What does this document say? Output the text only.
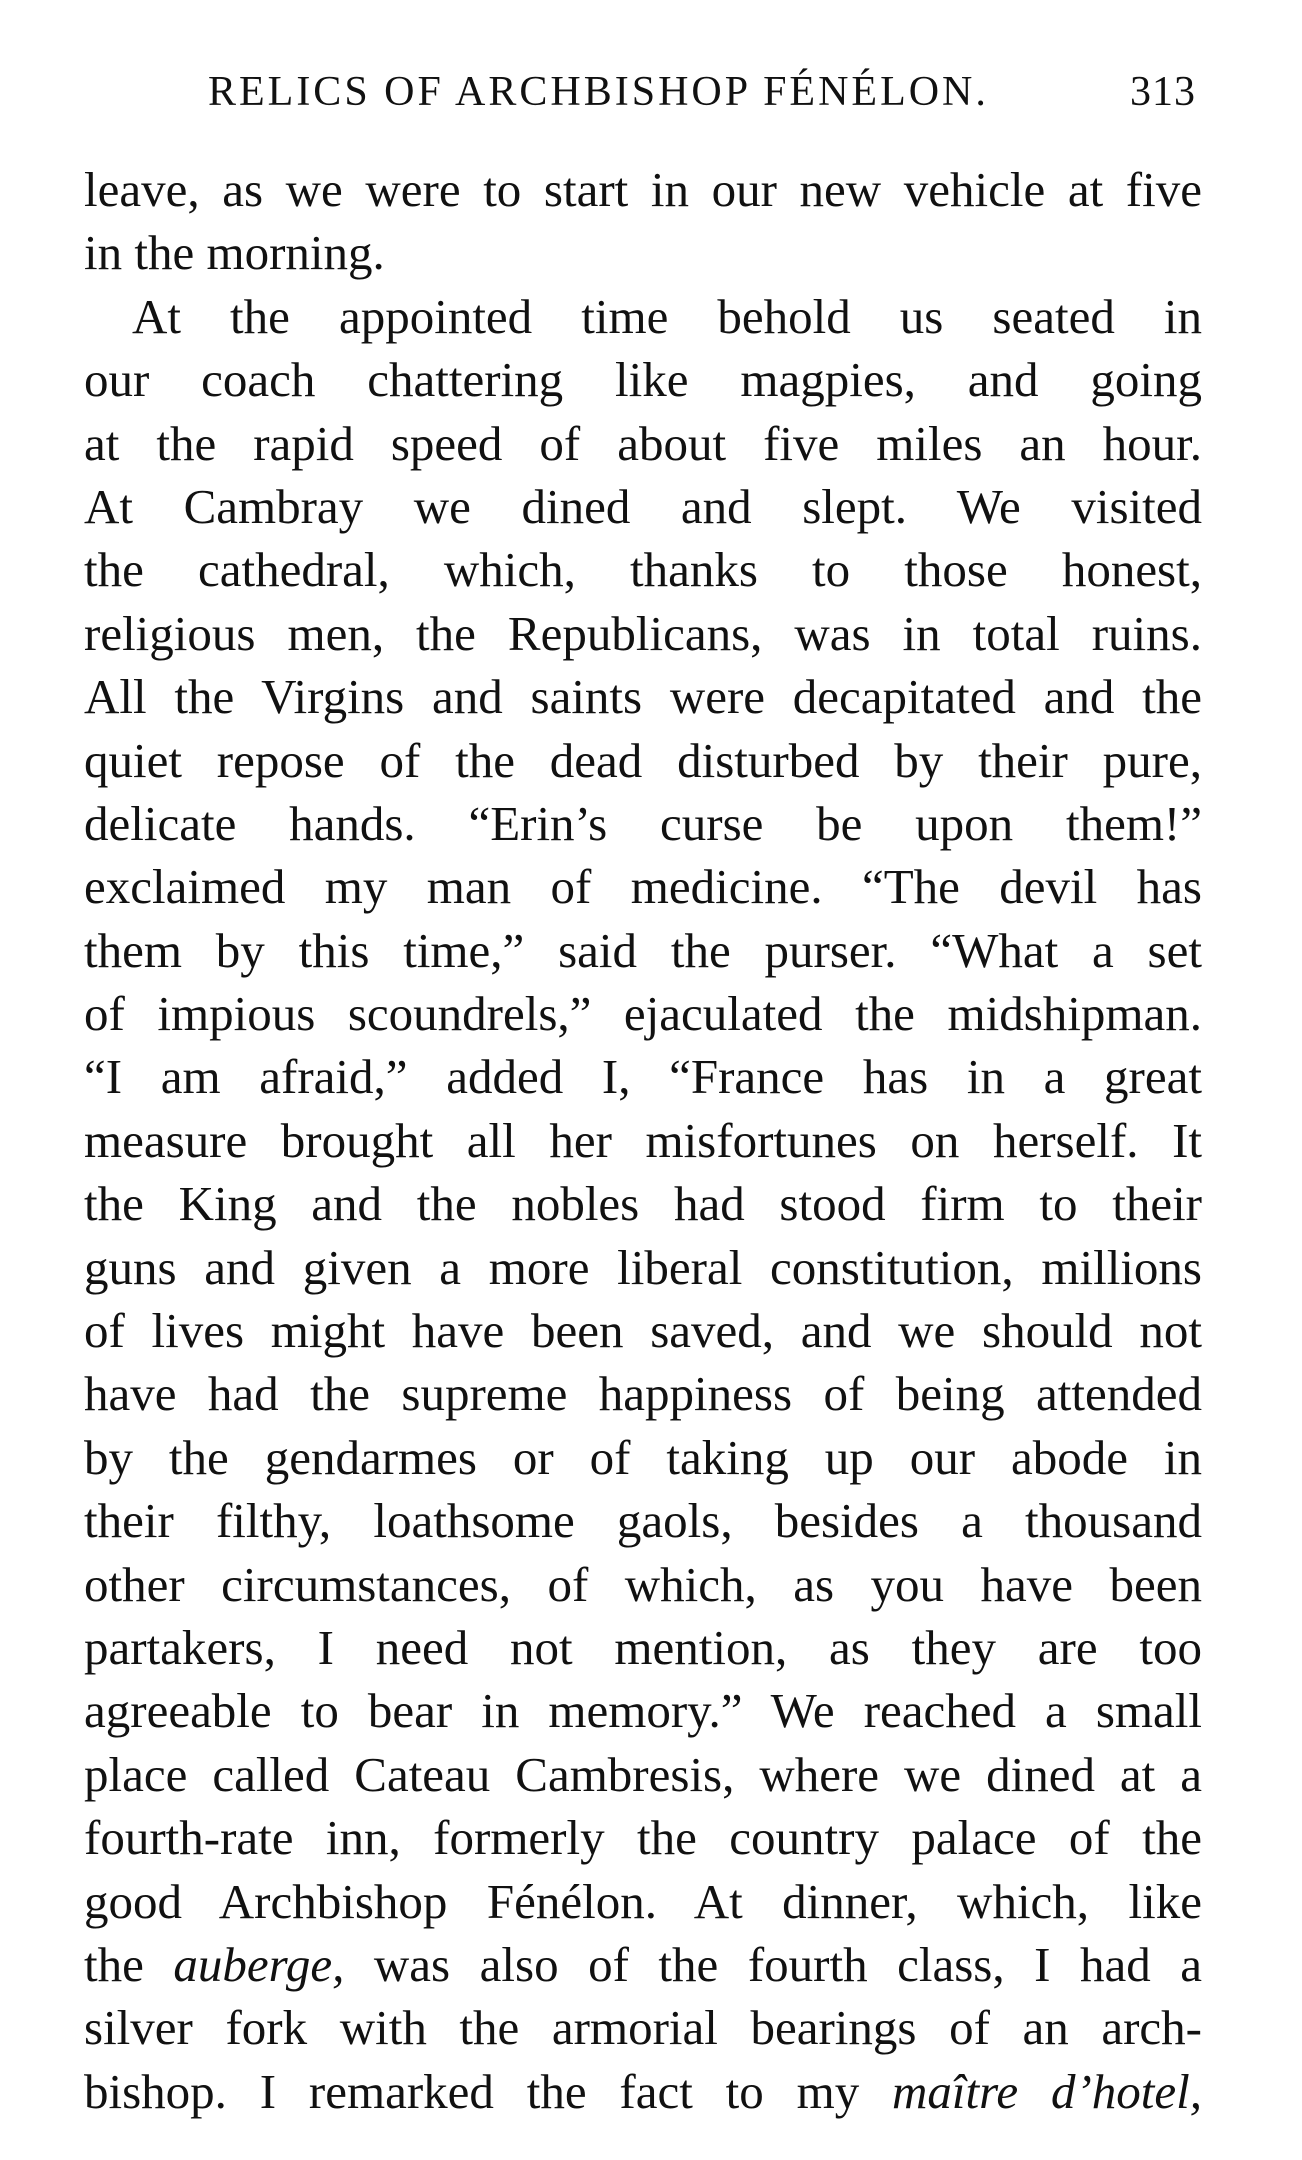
RELICS OF ARCHBISHOP FÉNÉLON.	313
leave, as we were to start in our new vehicle at five
in the morning.
At the appointed time behold us seated in
our coach chattering like magpies, and going
at the rapid speed of about five miles an hour.
At Cambray we dined and slept. We visited
the cathedral, which, thanks to those honest,
religious men, the Republicans, was in total ruins.
All the Virgins and saints were decapitated and the
quiet repose of the dead disturbed by their pure,
delicate hands. “Erin’s curse be upon them!”
exclaimed my man of medicine. “The devil has
them by this time,” said the purser. “What a set
of impious scoundrels,” ejaculated the midshipman.
“I am afraid,” added I, “France has in a great
measure brought all her misfortunes on herself. It
the King and the nobles had stood firm to their
guns and given a more liberal constitution, millions
of lives might have been saved, and we should not
have had the supreme happiness of being attended
by the gendarmes or of taking up our abode in
their filthy, loathsome gaols, besides a thousand
other circumstances, of which, as you have been
partakers, I need not mention, as they are too
agreeable to bear in memory.” We reached a small
place called Cateau Cambresis, where we dined at a
fourth-rate inn, formerly the country palace of the
good Archbishop Fénélon. At dinner, which, like
the auberge, was also of the fourth class, I had a
silver fork with the armorial bearings of an arch-
bishop. I remarked the fact to my maître d’hotel,
